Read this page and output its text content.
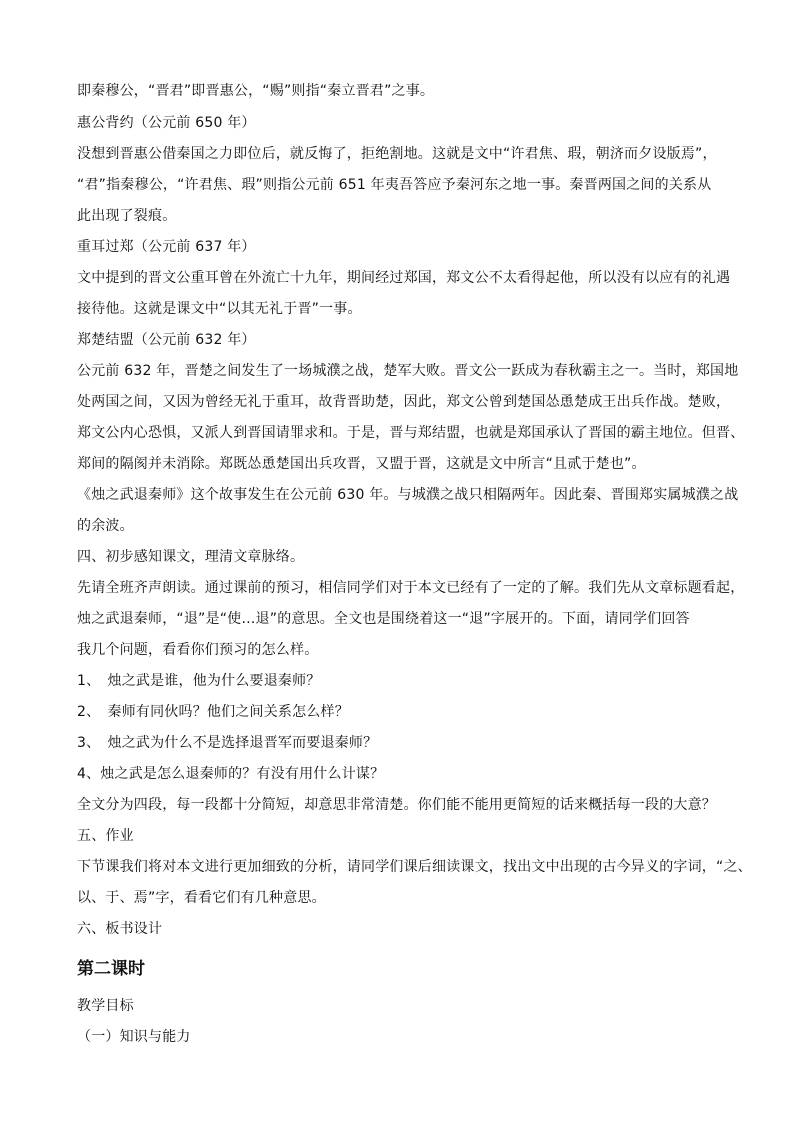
即秦穆公，“晋君”即晋惠公，“赐”则指“秦立晋君”之事。
惠公背约（公元前 650 年）
没想到晋惠公借秦国之力即位后，就反悔了，拒绝割地。这就是文中“许君焦、瑕，朝济而夕设版焉”，
“君”指秦穆公，“许君焦、瑕”则指公元前 651 年夷吾答应予秦河东之地一事。秦晋两国之间的关系从
此出现了裂痕。
重耳过郑（公元前 637 年）
文中提到的晋文公重耳曾在外流亡十九年，期间经过郑国，郑文公不太看得起他，所以没有以应有的礼遇
接待他。这就是课文中“以其无礼于晋”一事。
郑楚结盟（公元前 632 年）
公元前 632 年，晋楚之间发生了一场城濮之战，楚军大败。晋文公一跃成为春秋霸主之一。当时，郑国地
处两国之间，又因为曾经无礼于重耳，故背晋助楚，因此，郑文公曾到楚国怂恿楚成王出兵作战。楚败，
郑文公内心恐惧，又派人到晋国请罪求和。于是，晋与郑结盟，也就是郑国承认了晋国的霸主地位。但晋、
郑间的隔阂并未消除。郑既怂恿楚国出兵攻晋，又盟于晋，这就是文中所言“且贰于楚也”。
《烛之武退秦师》这个故事发生在公元前 630 年。与城濮之战只相隔两年。因此秦、晋围郑实属城濮之战
的余波。
四、初步感知课文，理清文章脉络。
先请全班齐声朗读。通过课前的预习，相信同学们对于本文已经有了一定的了解。我们先从文章标题看起，
烛之武退秦师，“退”是“使…退”的意思。全文也是围绕着这一“退”字展开的。下面，请同学们回答
我几个问题，看看你们预习的怎么样。
1、　烛之武是谁，他为什么要退秦师？
2、　秦师有同伙吗？他们之间关系怎么样？
3、　烛之武为什么不是选择退晋军而要退秦师？
4、烛之武是怎么退秦师的？有没有用什么计谋？
全文分为四段，每一段都十分简短，却意思非常清楚。你们能不能用更简短的话来概括每一段的大意？
五、作业
下节课我们将对本文进行更加细致的分析，请同学们课后细读课文，找出文中出现的古今异义的字词，“之、
以、于、焉”字，看看它们有几种意思。
六、板书设计
第二课时
教学目标
（一）知识与能力
